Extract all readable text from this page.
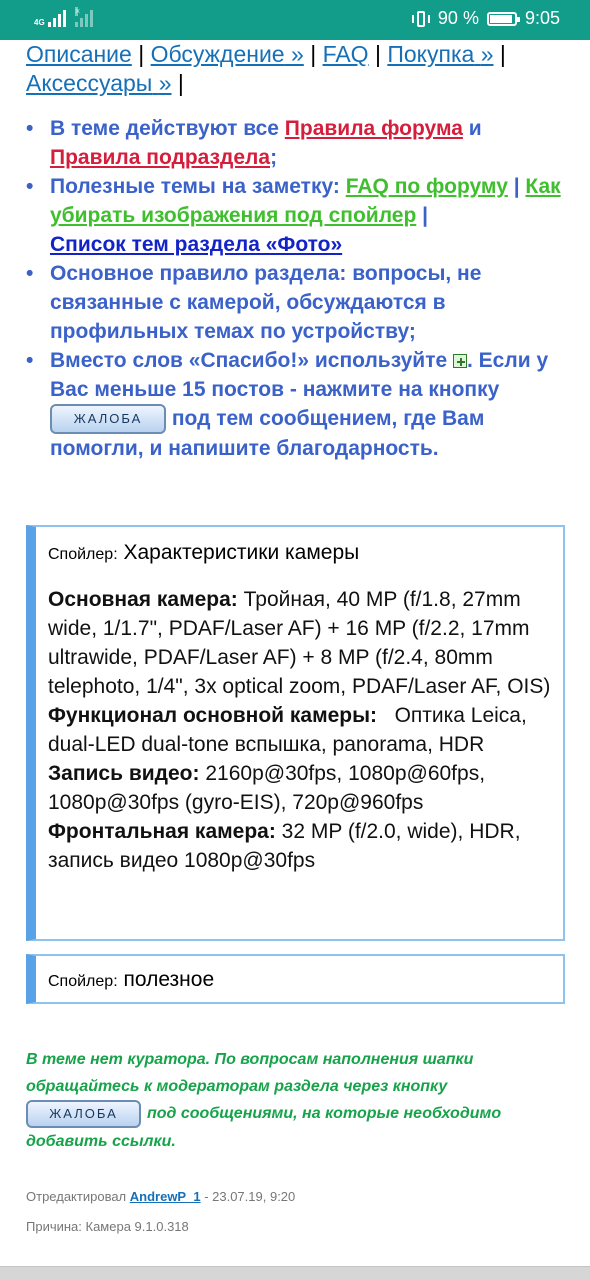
4G
×	90 %	9:05
Описание | Обсуждение » | FAQ | Покупка » | Аксессуары » |
• В теме действуют все Правила форума и Правила подраздела;
• Полезные темы на заметку: FAQ по форуму | Как убирать изображения под спойлер |
Список тем раздела «Фото»
• Основное правило раздела: вопросы, не связанные с камерой, обсуждаются в профильных темах по устройству;
• Вместо слов «Спасибо!» используйте . Если у Вас меньше 15 постов - нажмите на кнопку ЖАЛОБА под тем сообщением, где Вам помогли, и напишите благодарность.
Спойлер: Характеристики камеры
Основная камера: Тройная, 40 MP (f/1.8, 27mm wide, 1/1.7", PDAF/Laser AF) + 16 MP (f/2.2, 17mm ultrawide, PDAF/Laser AF) + 8 MP (f/2.4, 80mm telephoto, 1/4", 3x optical zoom, PDAF/Laser AF, OIS)
Функционал основной камеры:   Оптика Leica, dual-LED dual-tone вспышка, panorama, HDR
Запись видео: 2160p@30fps, 1080p@60fps, 1080p@30fps (gyro-EIS), 720p@960fps
Фронтальная камера: 32 MP (f/2.0, wide), HDR, запись видео 1080p@30fps
Спойлер: полезное
В теме нет куратора. По вопросам наполнения шапки обращайтесь к модераторам раздела через кнопку
ЖАЛОБА под сообщениями, на которые необходимо добавить ссылки.
Отредактировал AndrewP_1 - 23.07.19, 9:20
Причина: Камера 9.1.0.318
